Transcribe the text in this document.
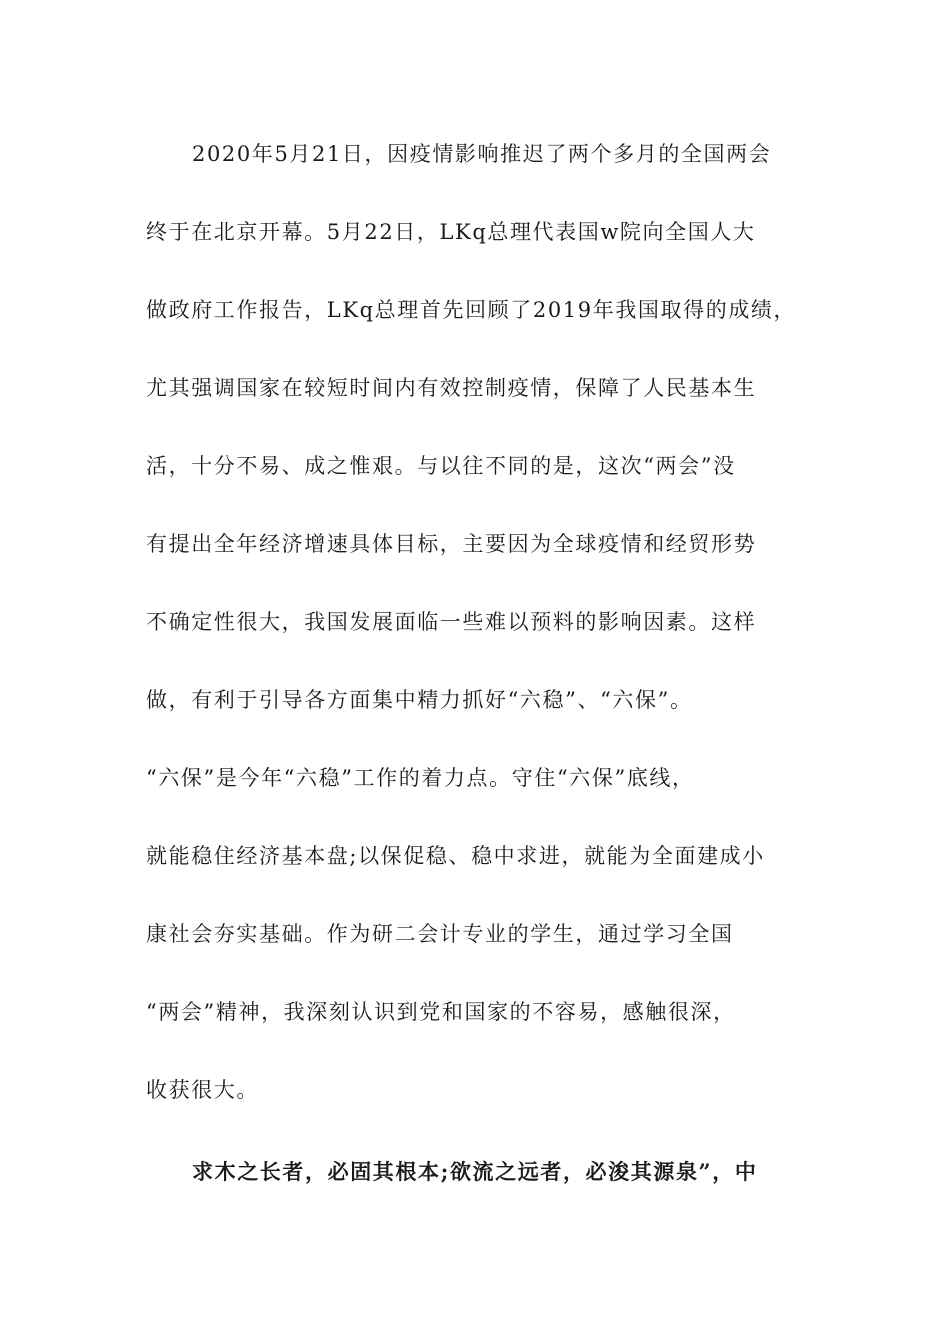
2020年5月21日，因疫情影响推迟了两个多月的全国两会
终于在北京开幕。5月22日，LKq总理代表国w院向全国人大
做政府工作报告，LKq总理首先回顾了2019年我国取得的成绩，
尤其强调国家在较短时间内有效控制疫情，保障了人民基本生
活，十分不易、成之惟艰。与以往不同的是，这次“两会”没
有提出全年经济增速具体目标，主要因为全球疫情和经贸形势
不确定性很大，我国发展面临一些难以预料的影响因素。这样
做，有利于引导各方面集中精力抓好“六稳”、“六保”。
“六保”是今年“六稳”工作的着力点。守住“六保”底线，
就能稳住经济基本盘;以保促稳、稳中求进，就能为全面建成小
康社会夯实基础。作为研二会计专业的学生，通过学习全国
“两会”精神，我深刻认识到党和国家的不容易，感触很深，
收获很大。
求木之长者，必固其根本;欲流之远者，必浚其源泉”，中
